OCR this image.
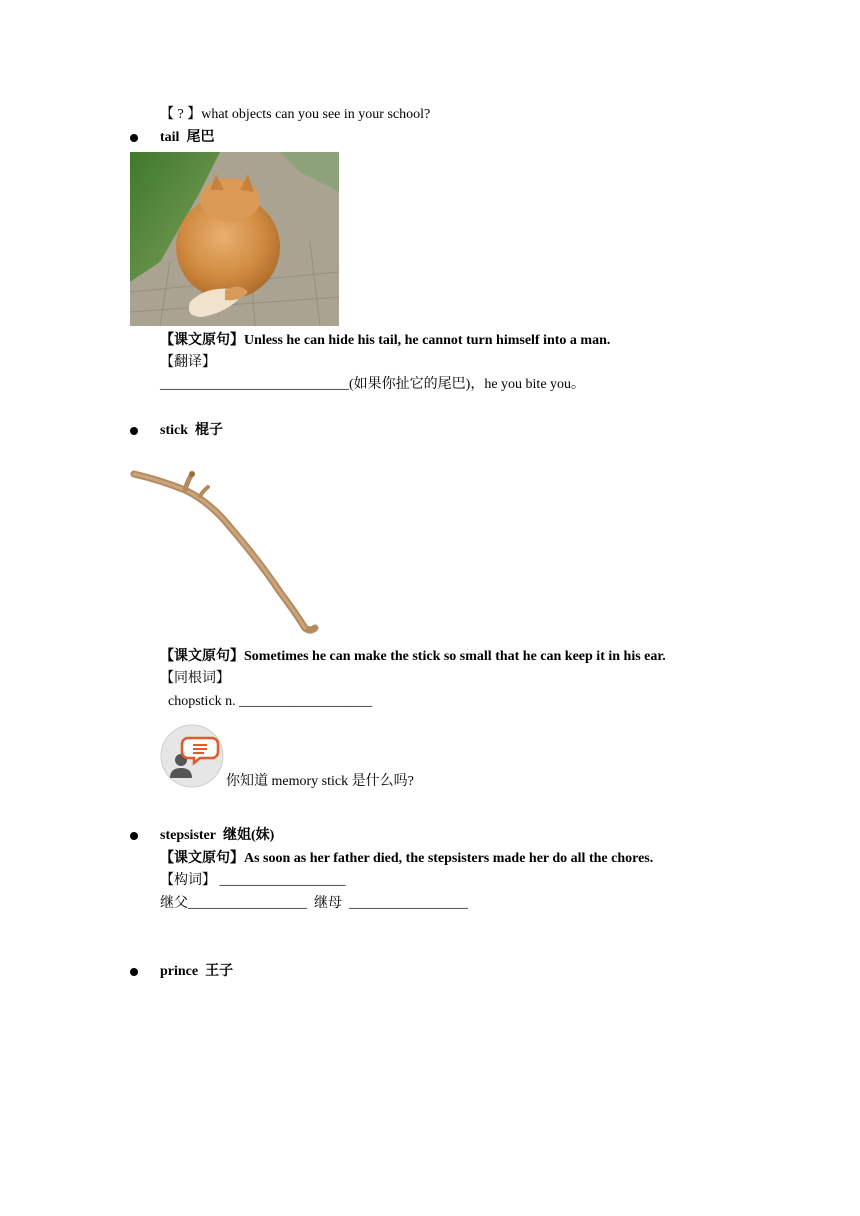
【 ? 】what objects can you see in your school?
tail 尾巴
【课文原句】Unless he can hide his tail, he cannot turn himself into a man.
【翻译】
___________________________(如果你扯它的尾巴)，he you bite you。
stick 棍子
【课文原句】Sometimes he can make the stick so small that he can keep it in his ear.
【同根词】
chopstick n. ___________________
你知道 memory stick 是什么吗?
stepsister 继姐(妹)
【课文原句】As soon as her father died, the stepsisters made her do all the chores.
【构词】 __________________
继父_________________ 继母 _________________
prince 王子
